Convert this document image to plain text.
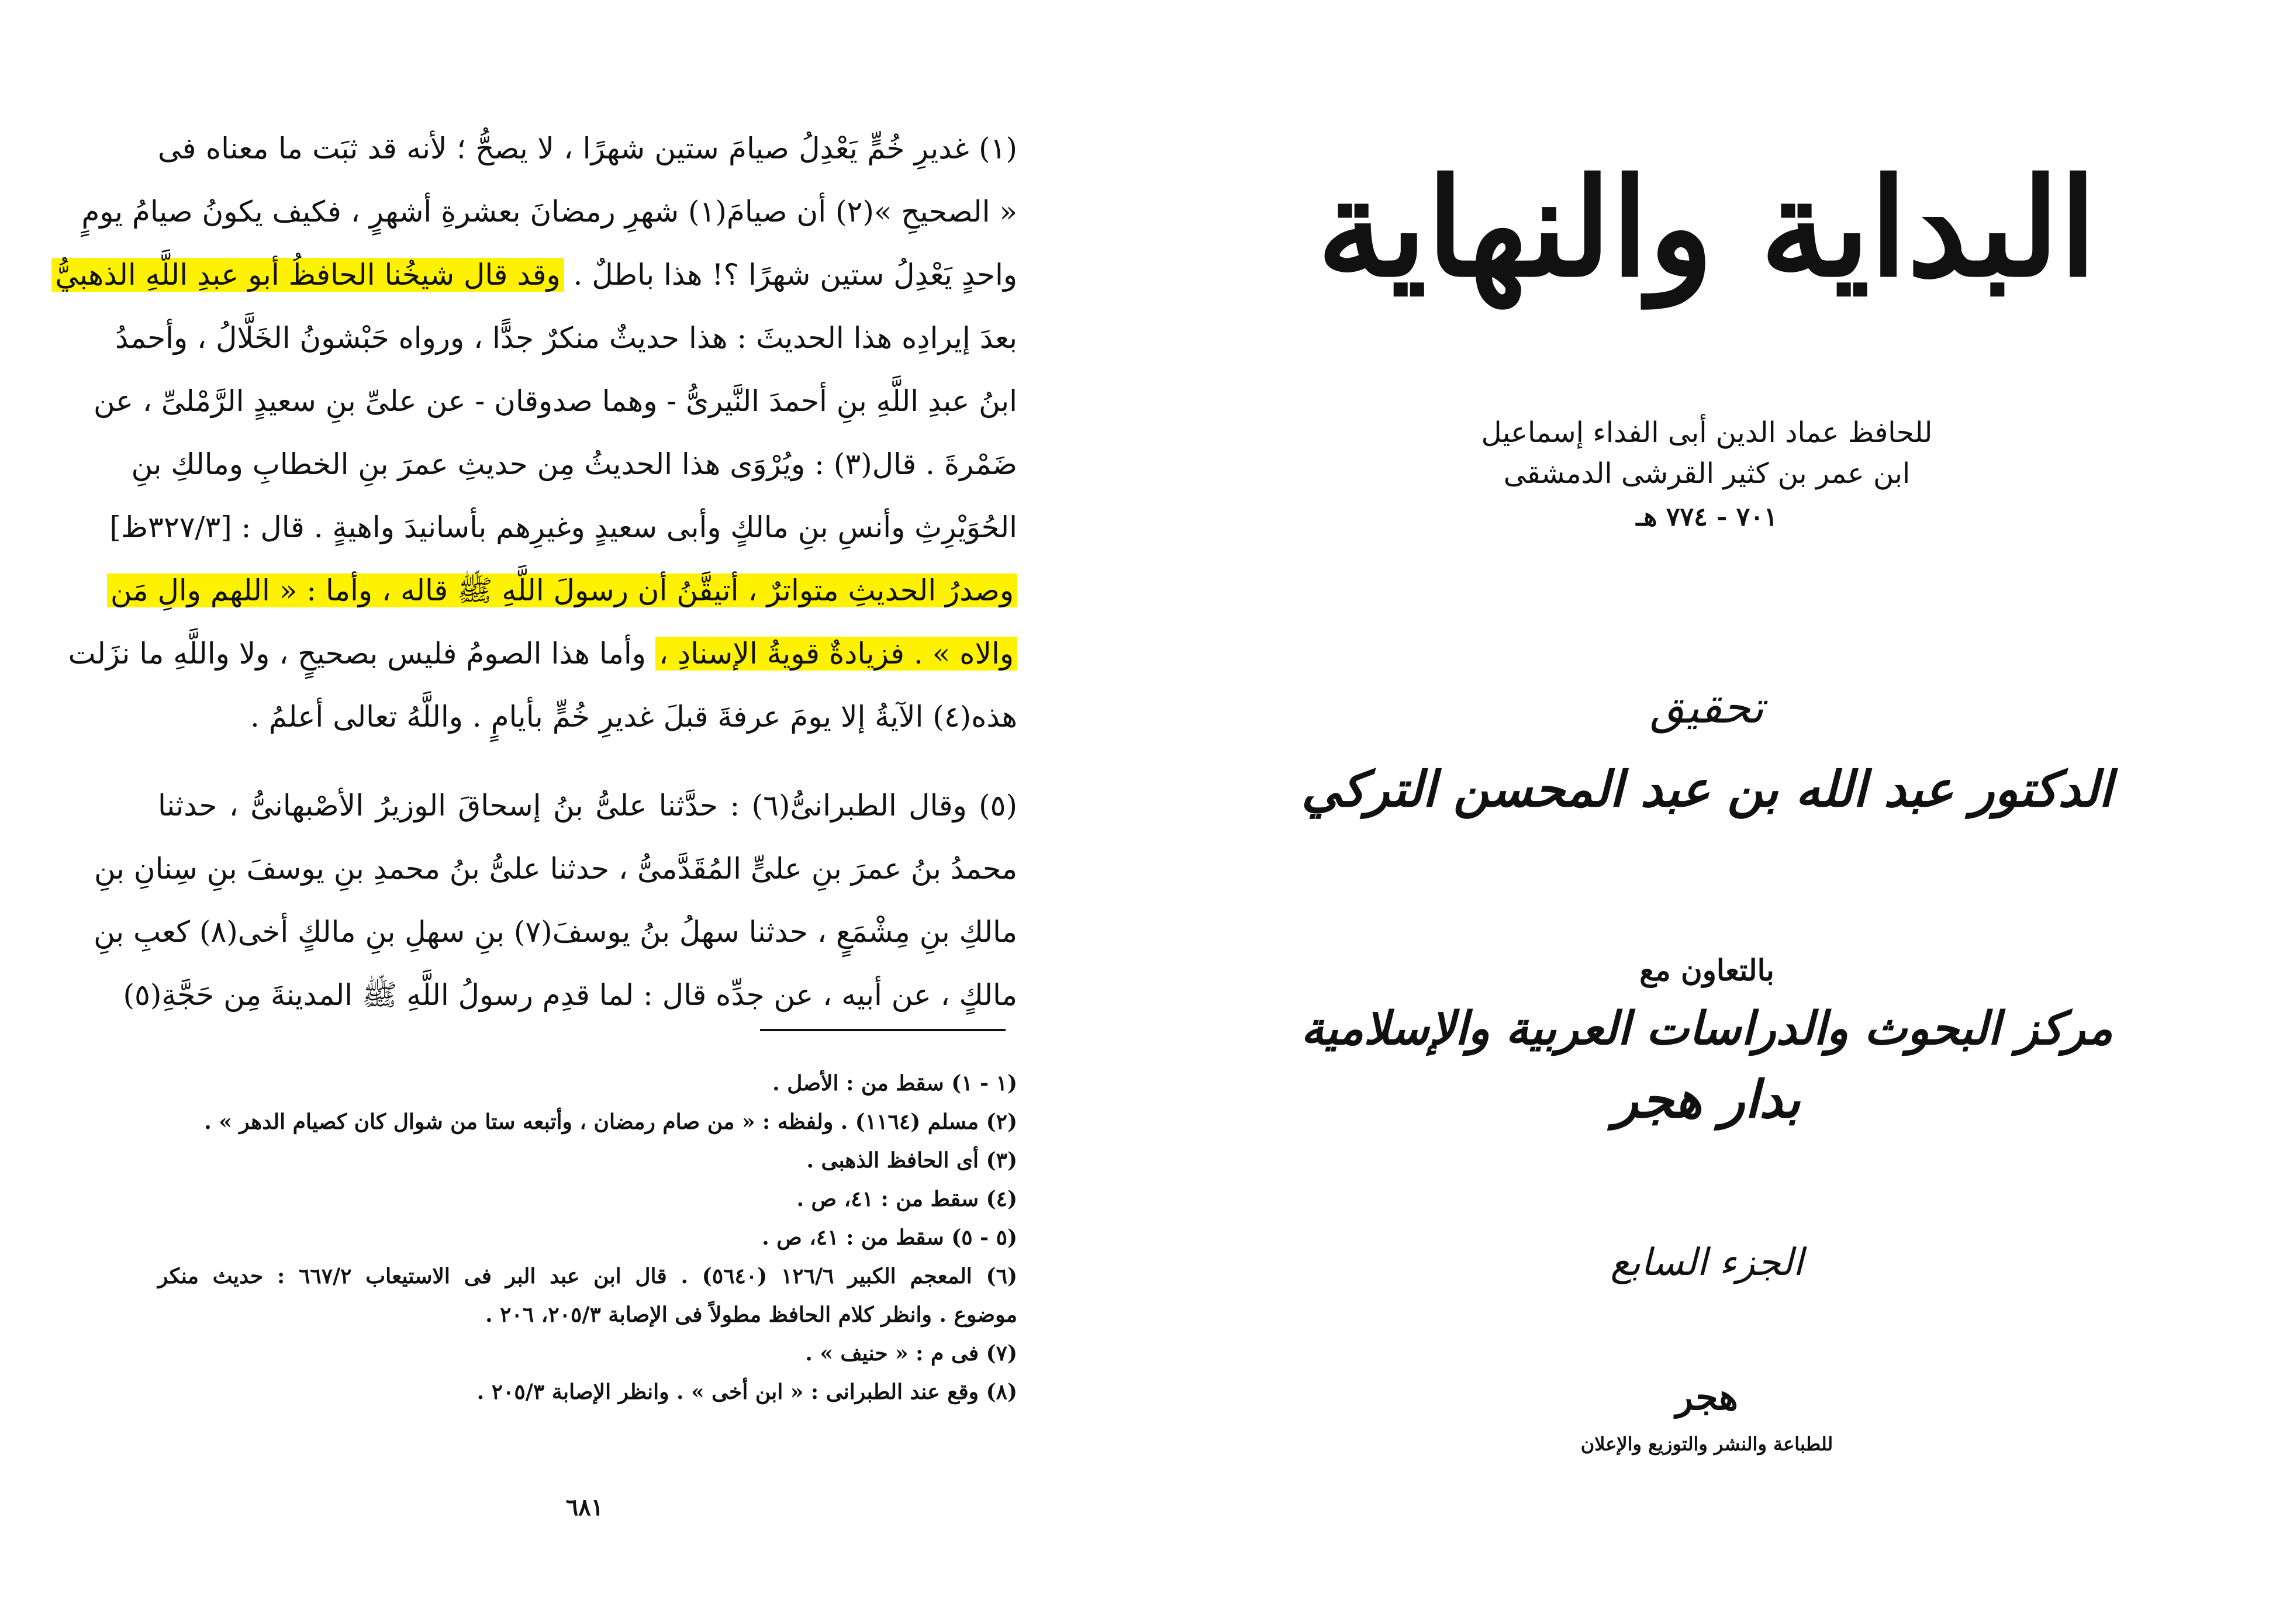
(١) غديرِ خُمٍّ يَعْدِلُ صيامَ ستين شهرًا ، لا يصحُّ ؛ لأنه قد ثبَت ما معناه فى
« الصحيحِ »(٢) أن صيامَ(١) شهرِ رمضانَ بعشرةِ أشهرٍ ، فكيف يكونُ صيامُ يومٍ
واحدٍ يَعْدِلُ ستين شهرًا ؟! هذا باطلٌ . وقد قال شيخُنا الحافظُ أبو عبدِ اللَّهِ الذهبيُّ
بعدَ إيرادِه هذا الحديثَ : هذا حديثٌ منكرٌ جدًّا ، ورواه حَبْشونُ الخَلَّالُ ، وأحمدُ
ابنُ عبدِ اللَّهِ بنِ أحمدَ النَّيرىُّ - وهما صدوقان - عن علىِّ بنِ سعيدٍ الرَّمْلىِّ ، عن
ضَمْرةَ . قال(٣) : ويُرْوَى هذا الحديثُ مِن حديثِ عمرَ بنِ الخطابِ ومالكِ بنِ
الحُوَيْرِثِ وأنسِ بنِ مالكٍ وأبى سعيدٍ وغيرِهم بأسانيدَ واهيةٍ . قال : [٣٢٧/٣ظ]
وصدرُ الحديثِ متواترٌ ، أتيقَّنُ أن رسولَ اللَّهِ ﷺ قاله ، وأما : « اللهم والِ مَن
والاه » . فزيادةٌ قويةُ الإسنادِ ، وأما هذا الصومُ فليس بصحيحٍ ، ولا واللَّهِ ما نزَلت
هذه(٤) الآيةُ إلا يومَ عرفةَ قبلَ غديرِ خُمٍّ بأيامٍ . واللَّهُ تعالى أعلمُ .
(٥) وقال الطبرانىُّ(٦) : حدَّثنا علىُّ بنُ إسحاقَ الوزيرُ الأصْبهانىُّ ، حدثنا
محمدُ بنُ عمرَ بنِ علىٍّ المُقَدَّمىُّ ، حدثنا علىُّ بنُ محمدِ بنِ يوسفَ بنِ سِنانِ بنِ
مالكِ بنِ مِشْمَعٍ ، حدثنا سهلُ بنُ يوسفَ(٧) بنِ سهلِ بنِ مالكٍ أخى(٨) كعبِ بنِ
مالكٍ ، عن أبيه ، عن جدِّه قال : لما قدِم رسولُ اللَّهِ ﷺ المدينةَ مِن حَجَّةِ(٥)
(١ - ١) سقط من : الأصل .
(٢) مسلم (١١٦٤) . ولفظه : « من صام رمضان ، وأتبعه ستا من شوال كان كصيام الدهر » .
(٣) أى الحافظ الذهبى .
(٤) سقط من : ٤١، ص .
(٥ - ٥) سقط من : ٤١، ص .
(٦) المعجم الكبير ١٢٦/٦ (٥٦٤٠) . قال ابن عبد البر فى الاستيعاب ٦٦٧/٢ : حديث منكر
موضوع . وانظر كلام الحافظ مطولاً فى الإصابة ٢٠٥/٣، ٢٠٦ .
(٧) فى م : « حنيف » .
(٨) وقع عند الطبرانى : « ابن أخى » . وانظر الإصابة ٢٠٥/٣ .
٦٨١
البداية والنهاية
للحافظ عماد الدين أبى الفداء إسماعيل
ابن عمر بن كثير القرشى الدمشقى
٧٠١ - ٧٧٤ هـ
تحقيق
الدكتور عبد الله بن عبد المحسن التركي
بالتعاون مع
مركز البحوث والدراسات العربية والإسلامية
بدار هجر
الجزء السابع
هجر
للطباعة والنشر والتوزيع والإعلان
